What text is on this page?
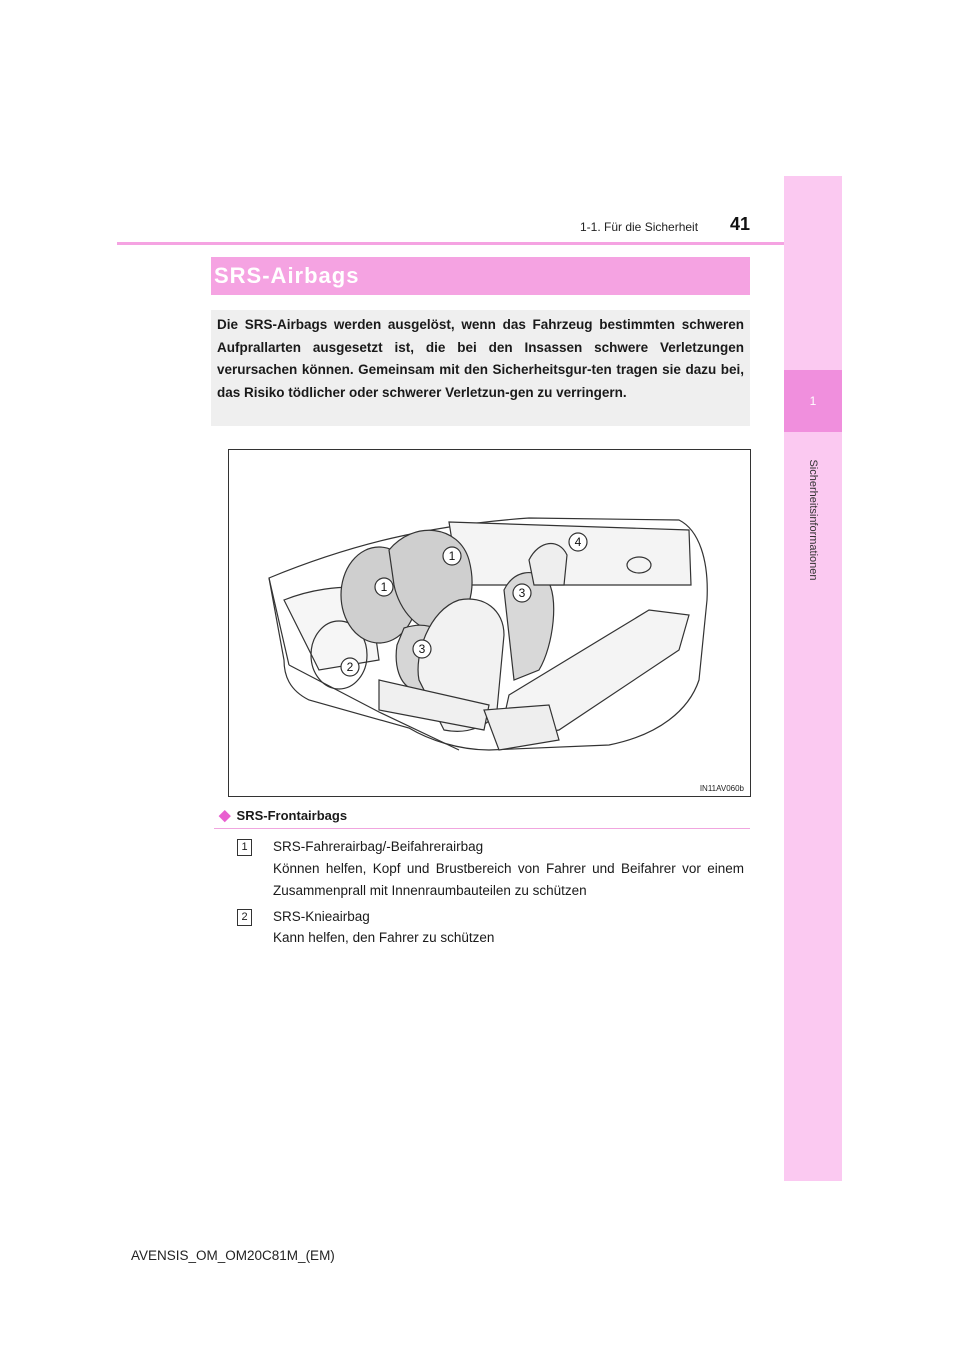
1
Sicherheitsinformationen
1-1. Für die Sicherheit 41
SRS-Airbags
Die SRS-Airbags werden ausgelöst, wenn das Fahrzeug bestimmten schweren Aufprallarten ausgesetzt ist, die bei den Insassen schwere Verletzungen verursachen können. Gemeinsam mit den Sicherheitsgur-ten tragen sie dazu bei, das Risiko tödlicher oder schwerer Verletzun-gen zu verringern.
1
1
2
3
3
4
IN11AV060b
◆ SRS-Frontairbags
1	SRS-Fahrerairbag/-Beifahrerairbag
Können helfen, Kopf und Brustbereich von Fahrer und Beifahrer vor einem Zusammenprall mit Innenraumbauteilen zu schützen
2	SRS-Knieairbag
Kann helfen, den Fahrer zu schützen
AVENSIS_OM_OM20C81M_(EM)
